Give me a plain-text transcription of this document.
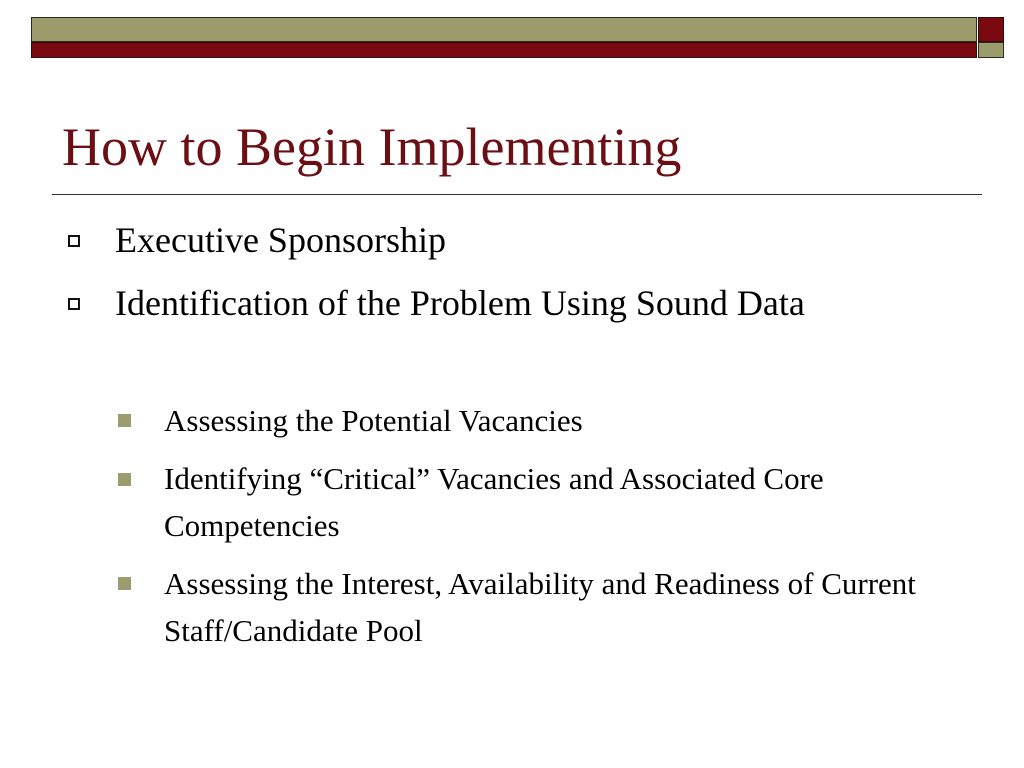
How to Begin Implementing
Executive Sponsorship
Identification of the Problem Using Sound Data
Assessing the Potential Vacancies
Identifying “Critical” Vacancies and Associated Core Competencies
Assessing the Interest, Availability and Readiness of Current Staff/Candidate Pool
